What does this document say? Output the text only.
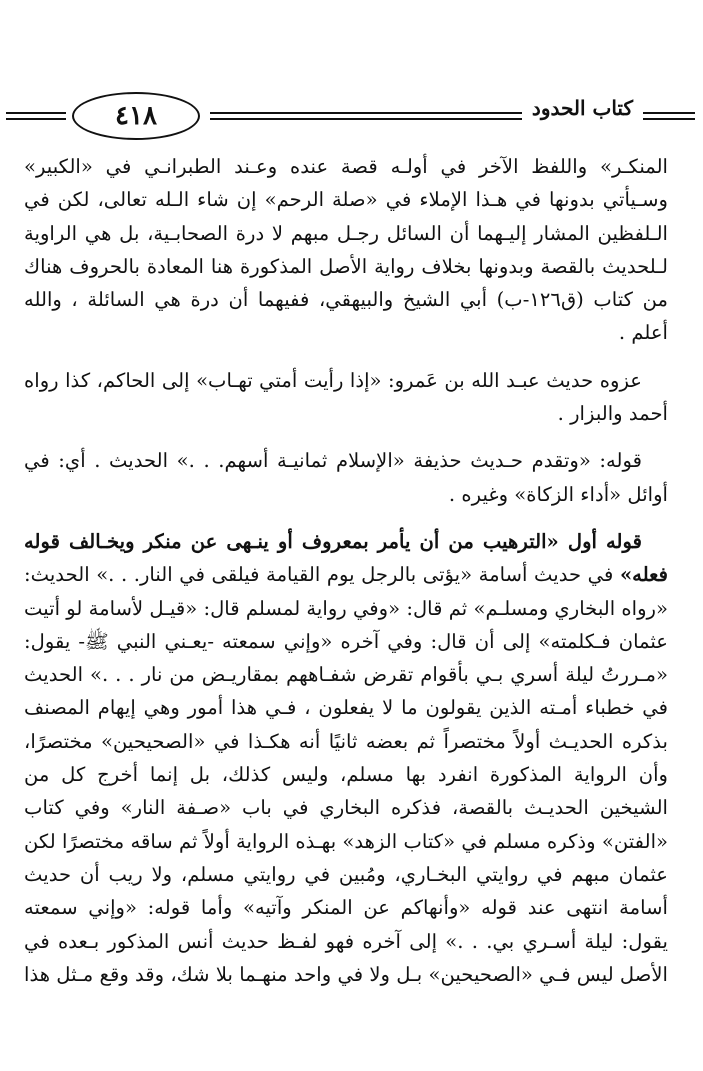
٤١٨	كتاب الحدود

المنكـر» واللفظ الآخر في أولـه قصة عنده وعـند الطبرانـي في «الكبير» وسـيأتي بدونها في هـذا الإملاء في «صلة الرحم» إن شاء الـله تعالى، لكن في الـلفظين المشار إليـهما أن السائل رجـل مبهم لا درة الصحابـية، بل هي الراوية لـلحديث بالقصة وبدونها بخلاف رواية الأصل المذكورة هنا المعادة بالحروف هناك من كتاب (ق١٢٦-ب) أبي الشيخ والبيهقي، ففيهما أن درة هي السائلة ، والله أعلم .

عزوه حديث عبـد الله بن عَمرو: «إذا رأيت أمتي تهـاب» إلى الحاكم، كذا رواه أحمد والبزار .

قوله: «وتقدم حـديث حذيفة «الإسلام ثمانيـة أسهم. . .» الحديث . أي: في أوائل «أداء الزكاة» وغيره .

قوله أول «الترهيب من أن يأمر بمعروف أو ينـهى عن منكر ويخـالف قوله فعله» في حديث أسامة «يؤتى بالرجل يوم القيامة فيلقى في النار. . .» الحديث: «رواه البخاري ومسلـم» ثم قال: «وفي رواية لمسلم قال: «قيـل لأسامة لو أتيت عثمان فـكلمته» إلى أن قال: وفي آخره «وإني سمعته -يعـني النبي ﷺ- يقول: «مـررتُ ليلة أسري بـي بأقوام تقرض شفـاههم بمقاريـض من نار . . .» الحديث في خطباء أمـته الذين يقولون ما لا يفعلون ، فـي هذا أمور وهي إيهام المصنف بذكره الحديـث أولاً مختصراً ثم بعضه ثانيًا أنه هكـذا في «الصحيحين» مختصرًا، وأن الرواية المذكورة انفرد بها مسلم، وليس كذلك، بل إنما أخرج كل من الشيخين الحديـث بالقصة، فذكره البخاري في باب «صـفة النار» وفي كتاب «الفتن» وذكره مسلم في «كتاب الزهد» بهـذه الرواية أولاً ثم ساقه مختصرًا لكن عثمان مبهم في روايتي البخـاري، ومُبين في روايتي مسلم، ولا ريب أن حديث أسامة انتهى عند قوله «وأنهاكم عن المنكر وآتيه» وأما قوله: «وإني سمعته يقول: ليلة أسـري بي. . .» إلى آخره فهو لفـظ حديث أنس المذكور بـعده في الأصل ليس فـي «الصحيحين» بـل ولا في واحد منهـما بلا شك، وقد وقع مـثل هذا
